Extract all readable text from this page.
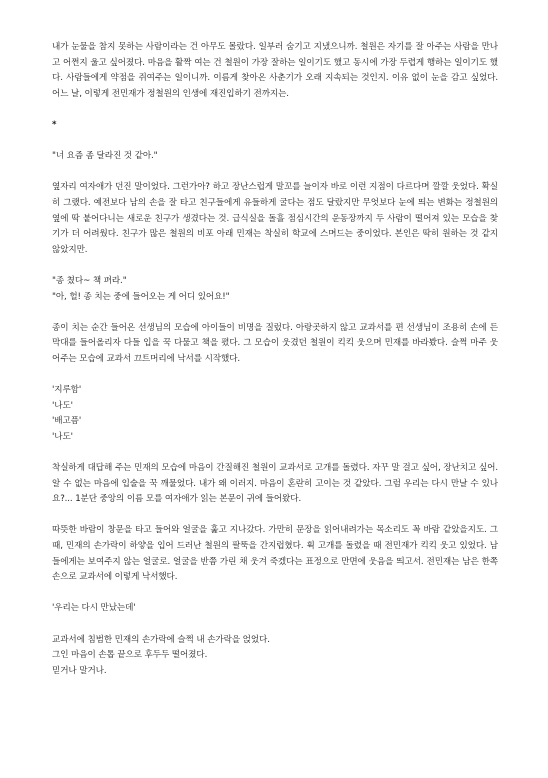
내가 눈물을 참지 못하는 사람이라는 건 아무도 몰랐다. 일부러 숨기고 지냈으니까. 철원은 자기를 잘 아주는 사람을 만나고 어쩐지 울고 싶어졌다. 마음을 활짝 여는 건 철원이 가장 잘하는 일이기도 했고 동시에 가장 두렵게 행하는 일이기도 했다. 사람들에게 약점을 쥐여주는 일이니까. 이름게 찾아온 사춘기가 오래 지속되는 것인지. 이유 없이 눈을 감고 싶었다. 어느 날, 이렇게 전민재가 정철원의 인생에 재진입하기 전까지는.

*

"너 요즘 좀 달라진 것 같아."

옆자리 여자애가 던진 말이었다. 그런가아? 하고 장난스럽게 말꼬를 늘이자 바로 이런 지점이 다르다며 깔깔 웃었다. 확실히 그랬다. 예전보다 남의 손을 잘 타고 친구들에게 유들하게 굴다는 점도 달랐지만 무엇보다 눈에 띄는 변화는 정철원의 옆에 딱 붙어다니는 새로운 친구가 생겼다는 것. 급식실을 돌흘 점심시간의 운동장까지 두 사람이 떨어져 있는 모습을 찾기가 더 어려웠다. 친구가 많은 철원의 비포 아래 민재는 착실히 학교에 스며드는 중이었다. 본인은 딱히 원하는 것 같지 않았지만.

"종 쳤다~ 책 펴라."

"아, 헐! 종 치는 중에 들어오는 게 어디 있어요!"

종이 치는 순간 들어온 선생님의 모습에 아이들이 비명을 질렀다. 아랑곳하지 않고 교과서를 편 선생님이 조용히 손에 든 막대를 들어올리자 다들 입을 꾹 다물고 책을 폈다. 그 모습이 웃겼던 철원이 킥킥 웃으며 민재를 바라봤다. 슬쩍 마주 웃어주는 모습에 교과서 끄트머리에 낙서를 시작했다.

'지루함'

'나도'

'배고픔'

'나도'

착실하게 대답해 주는 민재의 모습에 마음이 간질해진 철원이 교과서로 고개를 돌렸다. 자꾸 말 걸고 싶어, 장난치고 싶어. 알 수 없는 마음에 입술을 꾹 깨물었다. 내가 왜 이러지. 마음이 혼란히 고이는 것 같았다. 그럼 우리는 다시 만날 수 있나요?... 1분단 중앙의 이름 모를 여자애가 읽는 본문이 귀에 들어왔다.

따뜻한 바람이 창문을 타고 들어와 얼굴을 훑고 지나갔다. 가만히 문장을 읽어내려가는 목소리도 꼭 바람 같았을지도. 그때, 민재의 손가락이 하얗을 입어 드러난 철원의 팔뚝을 간지럽혔다. 휙 고개를 돌렸을 때 전민재가 킥킥 웃고 있었다. 남들에게는 보여주지 않는 얼굴로. 얼굴을 반쯤 가린 채 웃겨 죽겠다는 표정으로 만면에 웃음을 띄고서. 전민재는 남은 한쪽 손으로 교과서에 이렇게 낙서했다.

'우리는 다시 만났는데'

교과서에 침범한 민재의 손가락에 슬쩍 내 손가락을 얹었다.

그인 마음이 손톱 끝으로 후두두 떨어졌다.

믿거나 말거나.
